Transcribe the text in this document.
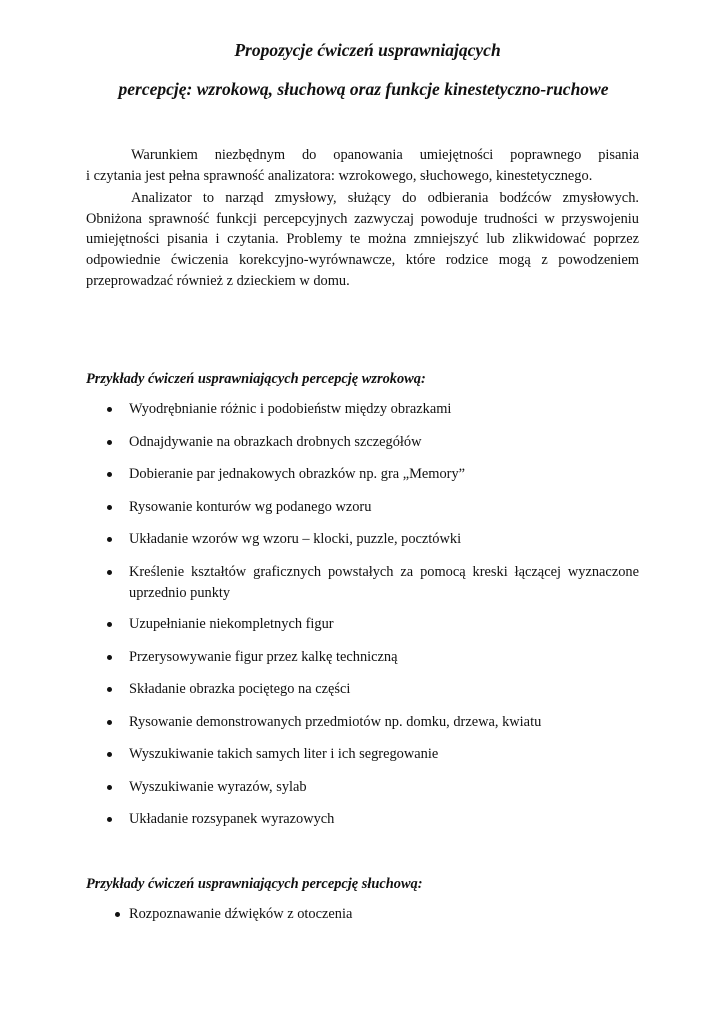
Propozycje ćwiczeń usprawniających
percepcję: wzrokową, słuchową oraz funkcje kinestetyczno-ruchowe
Warunkiem niezbędnym do opanowania umiejętności poprawnego pisania
i czytania jest pełna sprawność analizatora: wzrokowego, słuchowego, kinestetycznego.
Analizator to narząd zmysłowy, służący do odbierania bodźców zmysłowych.
Obniżona sprawność funkcji percepcyjnych zazwyczaj powoduje trudności w przyswojeniu umiejętności pisania i czytania. Problemy te można zmniejszyć lub zlikwidować poprzez odpowiednie ćwiczenia korekcyjno-wyrównawcze, które rodzice mogą z powodzeniem przeprowadzać również z dzieckiem w domu.
Przykłady ćwiczeń usprawniających percepcję wzrokową:
Wyodrębnianie różnic i podobieństw między obrazkami
Odnajdywanie na obrazkach drobnych szczegółów
Dobieranie par jednakowych obrazków np. gra „Memory”
Rysowanie konturów wg podanego wzoru
Układanie wzorów wg wzoru – klocki, puzzle, pocztówki
Kreślenie kształtów graficznych powstałych za pomocą kreski łączącej wyznaczone uprzednio punkty
Uzupełnianie niekompletnych figur
Przerysowywanie figur przez kalkę techniczną
Składanie obrazka pociętego na części
Rysowanie demonstrowanych przedmiotów np. domku, drzewa, kwiatu
Wyszukiwanie takich samych liter i ich segregowanie
Wyszukiwanie wyrazów, sylab
Układanie rozsypanek wyrazowych
Przykłady ćwiczeń usprawniających percepcję słuchową:
Rozpoznawanie dźwięków z otoczenia
